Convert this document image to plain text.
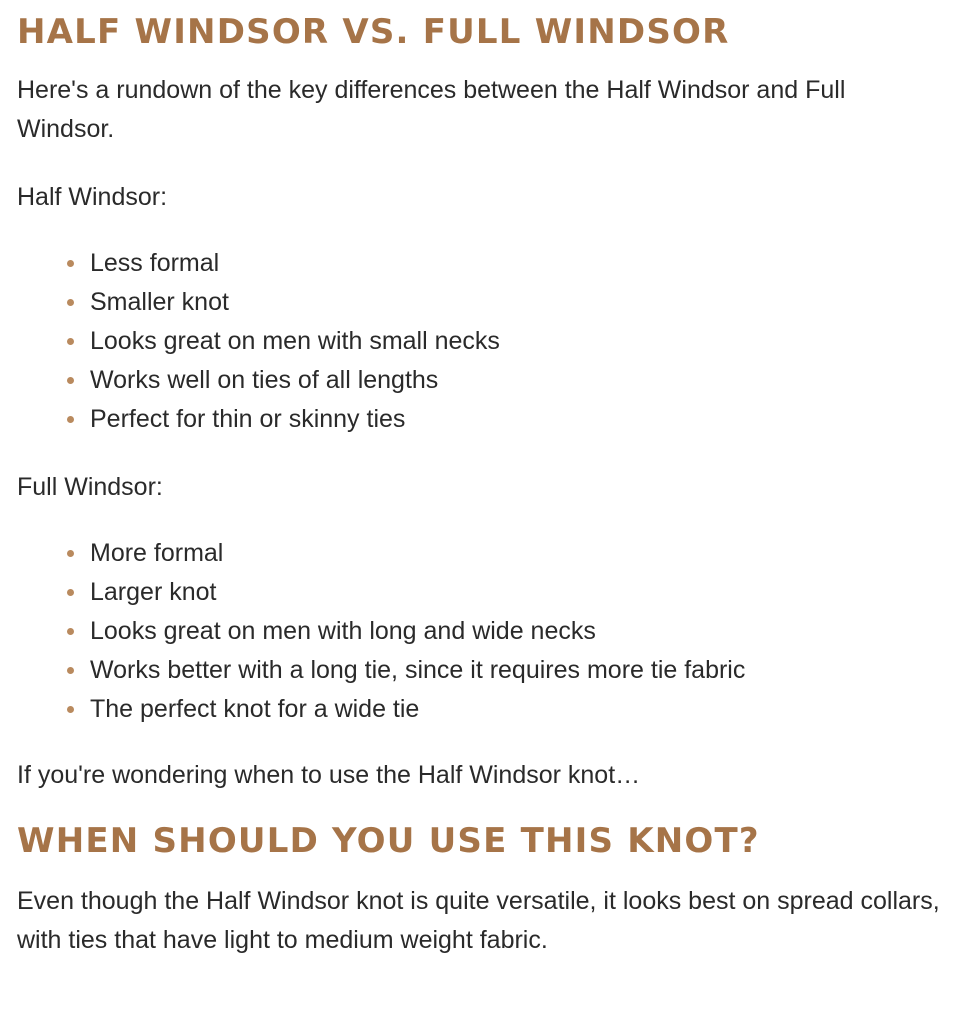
HALF WINDSOR VS. FULL WINDSOR

Here's a rundown of the key differences between the Half Windsor and Full Windsor.

Half Windsor:

Less formal
Smaller knot
Looks great on men with small necks
Works well on ties of all lengths
Perfect for thin or skinny ties

Full Windsor:

More formal
Larger knot
Looks great on men with long and wide necks
Works better with a long tie, since it requires more tie fabric
The perfect knot for a wide tie

If you're wondering when to use the Half Windsor knot…

WHEN SHOULD YOU USE THIS KNOT?

Even though the Half Windsor knot is quite versatile, it looks best on spread collars, with ties that have light to medium weight fabric.
